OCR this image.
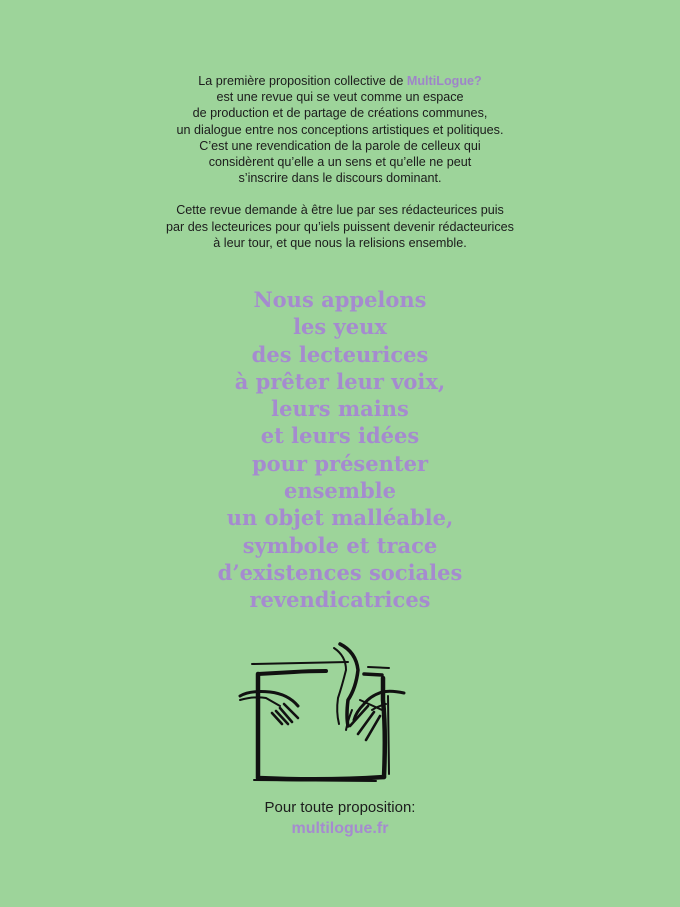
La première proposition collective de MultiLogue?
est une revue qui se veut comme un espace
de production et de partage de créations communes,
un dialogue entre nos conceptions artistiques et politiques.
C’est une revendication de la parole de celleux qui
considèrent qu’elle a un sens et qu’elle ne peut
s’inscrire dans le discours dominant.

Cette revue demande à être lue par ses rédacteurices puis
par des lecteurices pour qu’iels puissent devenir rédacteurices
à leur tour, et que nous la relisions ensemble.

Nous appelons
les yeux
des lecteurices
à prêter leur voix,
leurs mains
et leurs idées
pour présenter
ensemble
un objet malléable,
symbole et trace
d’existences sociales
revendicatrices
Pour toute proposition:
multilogue.fr
